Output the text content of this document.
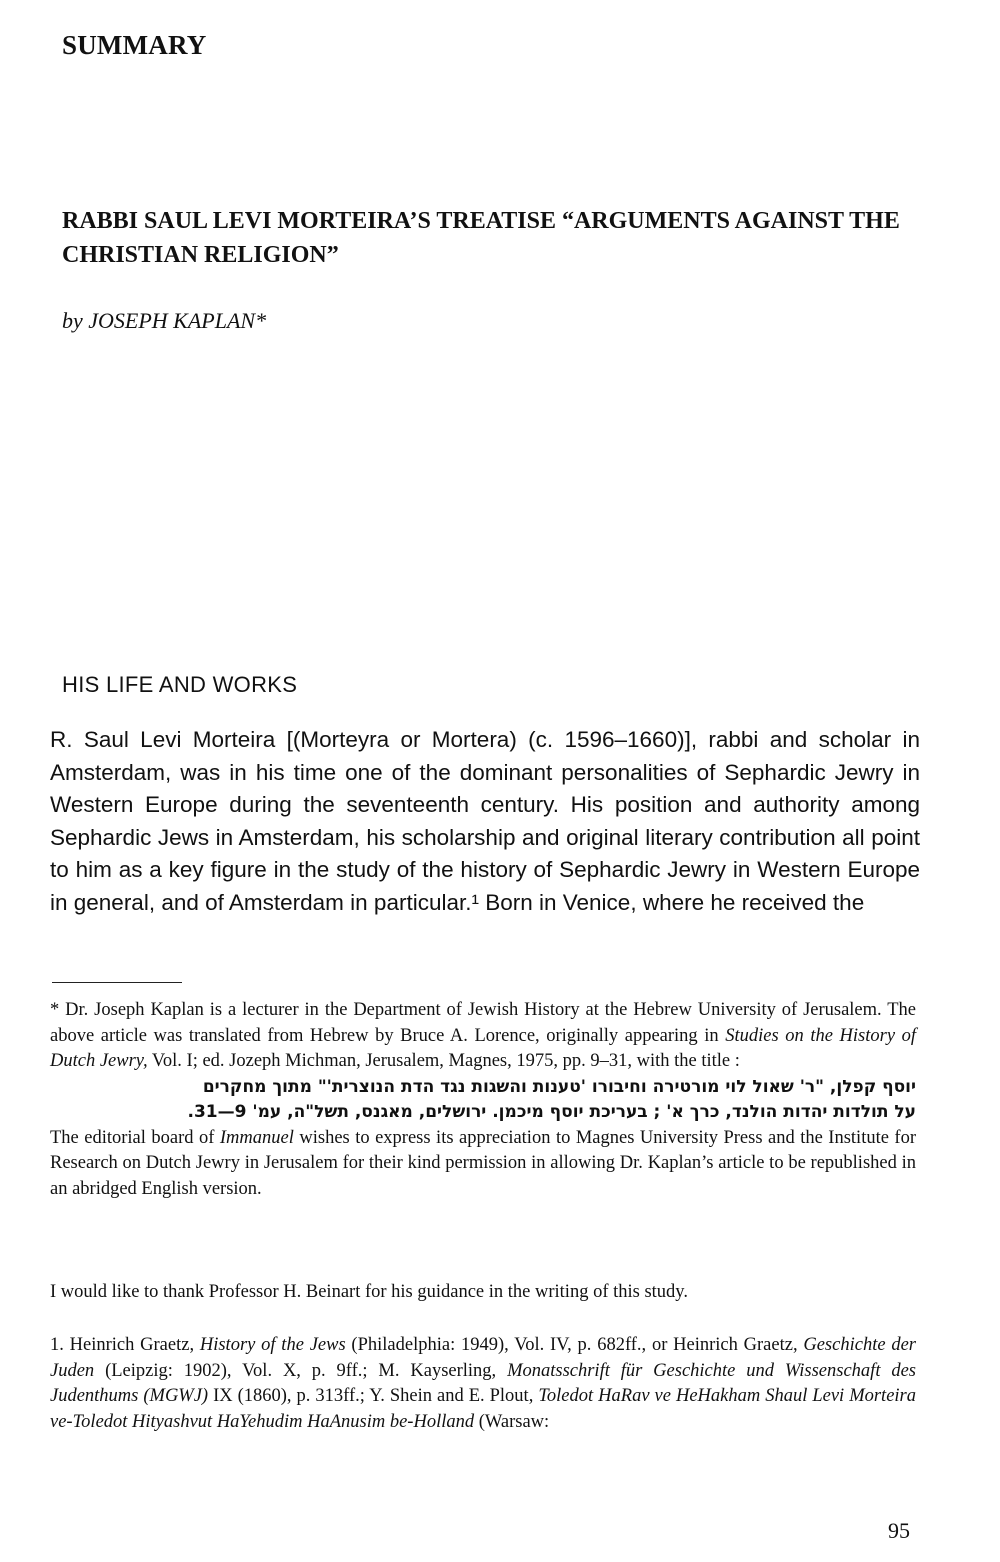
SUMMARY
RABBI SAUL LEVI MORTEIRA’S TREATISE “ARGUMENTS AGAINST THE CHRISTIAN RELIGION”
by JOSEPH KAPLAN*
HIS LIFE AND WORKS
R. Saul Levi Morteira [(Morteyra or Mortera) (c. 1596–1660)], rabbi and scholar in Amsterdam, was in his time one of the dominant personalities of Sephardic Jewry in Western Europe during the seventeenth century. His position and authority among Sephardic Jews in Amsterdam, his scholarship and original literary contribution all point to him as a key figure in the study of the history of Sephardic Jewry in Western Europe in general, and of Amsterdam in particular.¹ Born in Venice, where he received the
* Dr. Joseph Kaplan is a lecturer in the Department of Jewish History at the Hebrew University of Jerusalem. The above article was translated from Hebrew by Bruce A. Lorence, originally appearing in Studies on the History of Dutch Jewry, Vol. I; ed. Jozeph Michman, Jerusalem, Magnes, 1975, pp. 9–31, with the title :
יוסף קפלן, "ר' שאול לוי מורטירה וחיבורו 'טענות והשגות נגד הדת הנוצרית'" מתוך מחקרים
על תולדות יהדות הולנד, כרך א' ; בעריכת יוסף מיכמן. ירושלים, מאגנס, תשל"ה, עמ' 9—31.
The editorial board of Immanuel wishes to express its appreciation to Magnes University Press and the Institute for Research on Dutch Jewry in Jerusalem for their kind permission in allowing Dr. Kaplan’s article to be republished in an abridged English version.
I would like to thank Professor H. Beinart for his guidance in the writing of this study.
1. Heinrich Graetz, History of the Jews (Philadelphia: 1949), Vol. IV, p. 682ff., or Heinrich Graetz, Geschichte der Juden (Leipzig: 1902), Vol. X, p. 9ff.; M. Kayserling, Monatsschrift für Geschichte und Wissenschaft des Judenthums (MGWJ) IX (1860), p. 313ff.; Y. Shein and E. Plout, Toledot HaRav ve HeHakham Shaul Levi Morteira ve-Toledot Hityashvut HaYehudim HaAnusim be-Holland (Warsaw:
95
